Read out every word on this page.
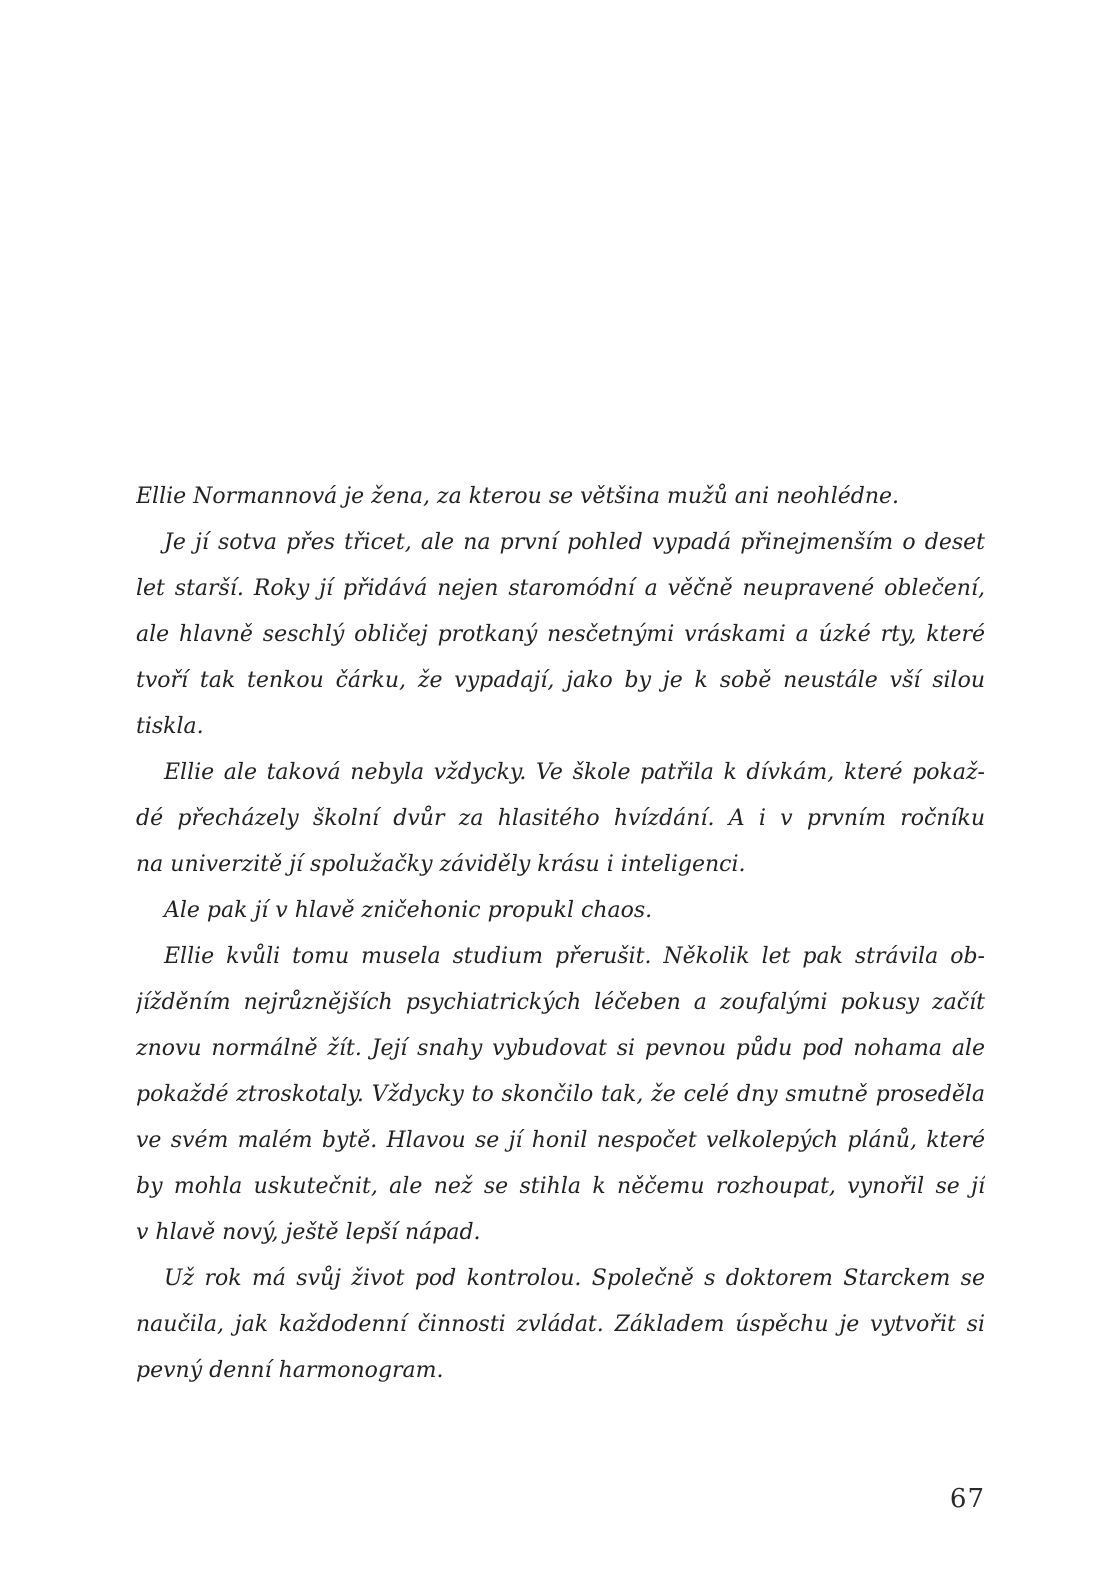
Ellie Normannová je žena, za kterou se většina mužů ani neohlédne.
Je jí sotva přes třicet, ale na první pohled vypadá přinejmenším o deset
let starší. Roky jí přidává nejen staromódní a věčně neupravené oblečení,
ale hlavně seschlý obličej protkaný nesčetnými vráskami a úzké rty, které
tvoří tak tenkou čárku, že vypadají, jako by je k sobě neustále vší silou
tiskla.
Ellie ale taková nebyla vždycky. Ve škole patřila k dívkám, které pokaž-
dé přecházely školní dvůr za hlasitého hvízdání. A i v prvním ročníku
na univerzitě jí spolužačky záviděly krásu i inteligenci.
Ale pak jí v hlavě zničehonic propukl chaos.
Ellie kvůli tomu musela studium přerušit. Několik let pak strávila ob-
jížděním nejrůznějších psychiatrických léčeben a zoufalými pokusy začít
znovu normálně žít. Její snahy vybudovat si pevnou půdu pod nohama ale
pokaždé ztroskotaly. Vždycky to skončilo tak, že celé dny smutně proseděla
ve svém malém bytě. Hlavou se jí honil nespočet velkolepých plánů, které
by mohla uskutečnit, ale než se stihla k něčemu rozhoupat, vynořil se jí
v hlavě nový, ještě lepší nápad.
Už rok má svůj život pod kontrolou. Společně s doktorem Starckem se
naučila, jak každodenní činnosti zvládat. Základem úspěchu je vytvořit si
pevný denní harmonogram.
67
